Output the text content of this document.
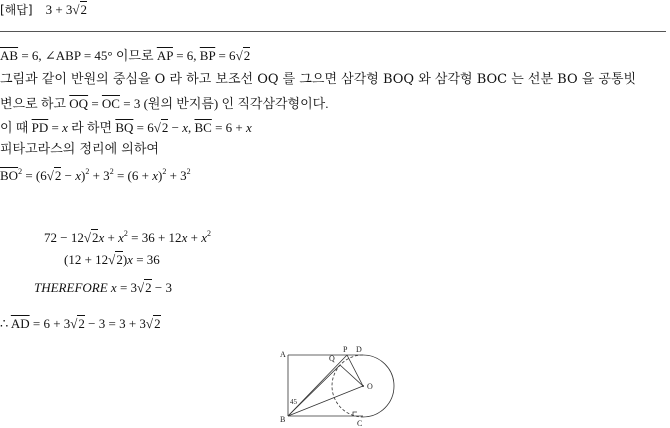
[해답] 3 + 3√2
$\overline{AB} = 6$, ∠ABP = 45° 이므로 $\overline{AP} = 6$, $\overline{BP} = 6√2$
그림과 같이 반원의 중심을 O 라 하고 보조선 OQ 를 그으면 삼각형 BOQ 와 삼각형 BOC 는 선분 BO 을 공통빗
변으로 하고 $\overline{OQ} = \overline{OC} = 3$ (원의 반지름) 인 직각삼각형이다.
이 때 $\overline{PD} = x$ 라 하면 $\overline{BQ} = 6√2 - x$, $\overline{BC} = 6 + x$
피타고라스의 정리에 의하여
$\overline{BO}^2 = (6√2 - x)^2 + 3^2 = (6 + x)^2 + 3^2$
$72 - 12√2x + x^2 = 36 + 12x + x^2$
(12 + 12√2)x = 36
THEREFORE x = 3√2 − 3
∴ $\overline{AD} = 6 + 3√2 - 3 = 3 + 3√2$
A
P D
Q
O
B	C
45
